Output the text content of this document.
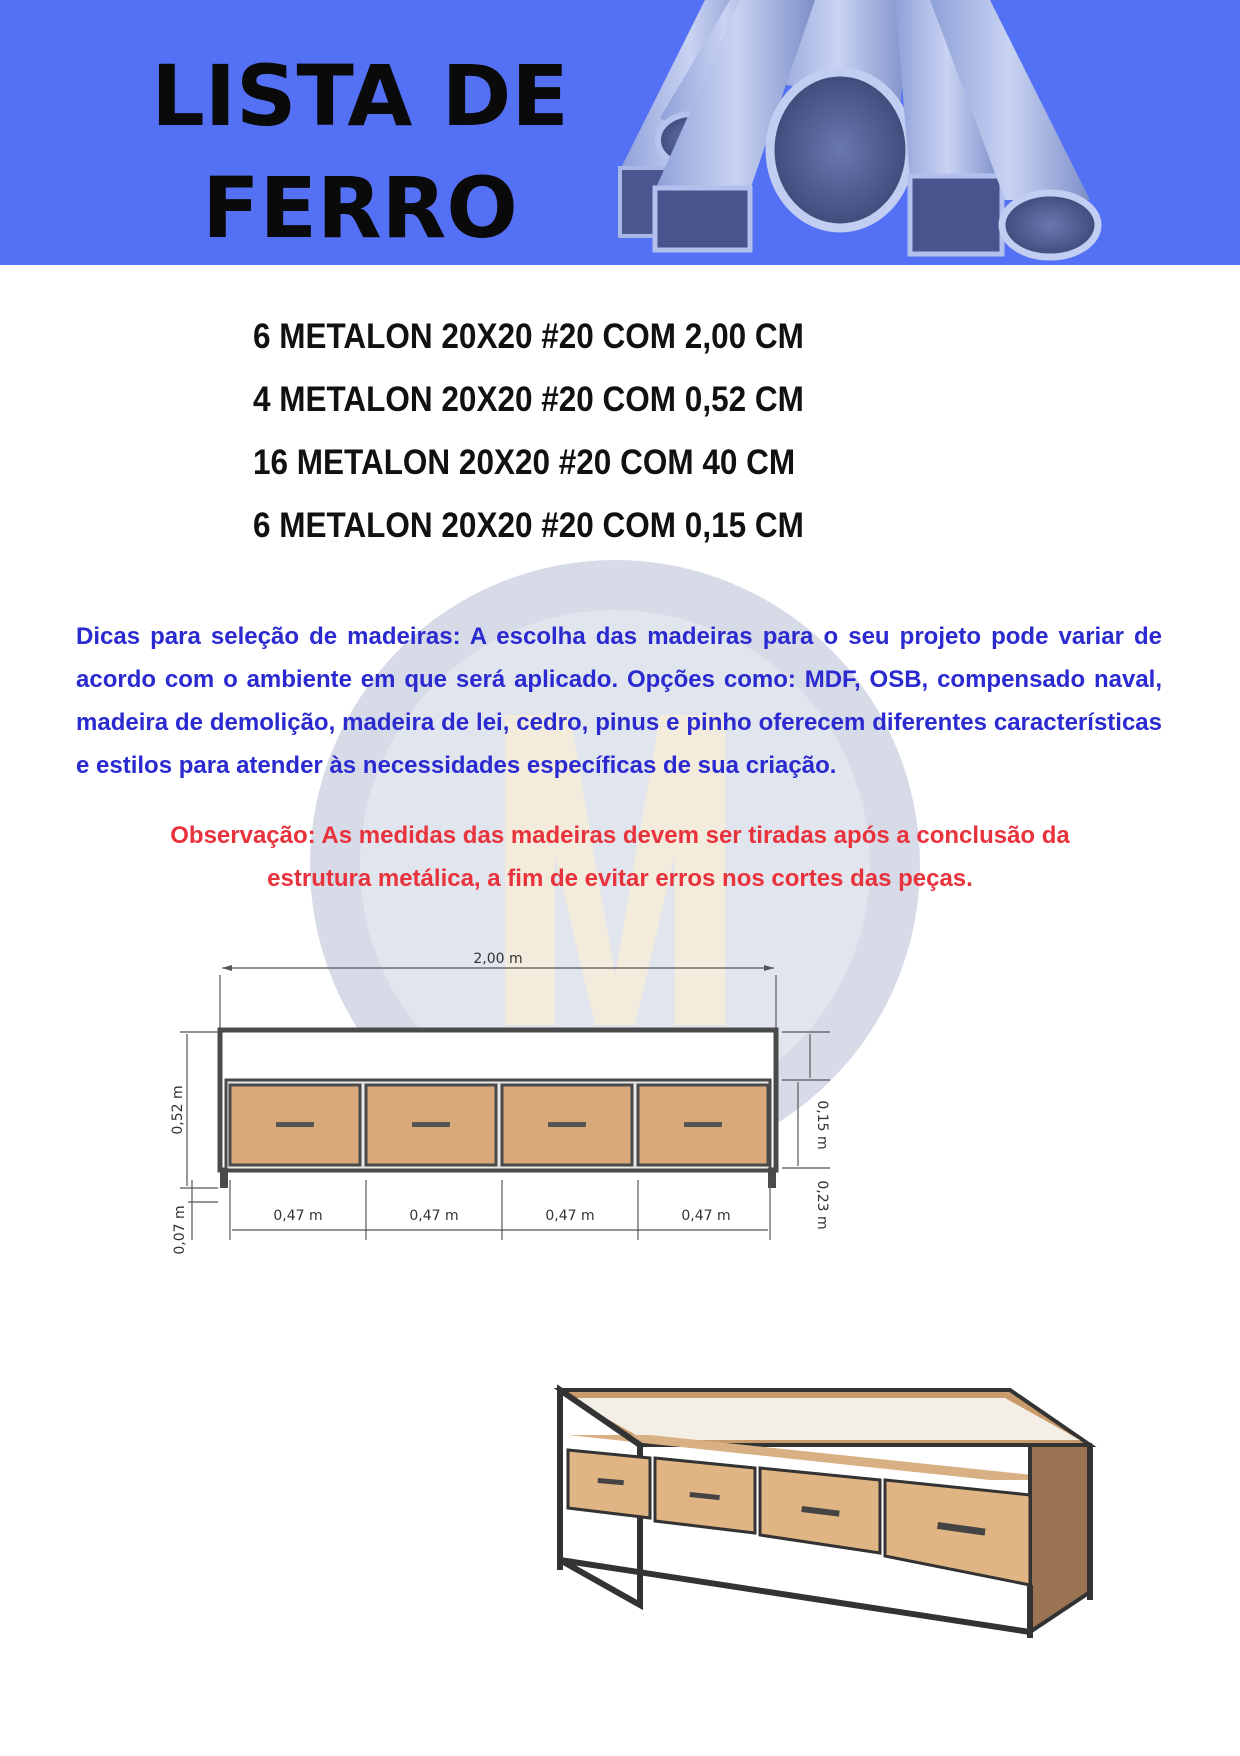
LISTA DE
FERRO
6 METALON 20X20 #20 COM 2,00 CM
4 METALON 20X20 #20 COM 0,52 CM
16 METALON 20X20 #20 COM 40 CM
6 METALON 20X20 #20 COM 0,15 CM
Dicas para seleção de madeiras: A escolha das madeiras para o seu projeto pode variar de acordo com o ambiente em que será aplicado. Opções como: MDF, OSB, compensado naval, madeira de demolição, madeira de lei, cedro, pinus e pinho oferecem diferentes características e estilos para atender às necessidades específicas de sua criação.
Observação: As medidas das madeiras devem ser tiradas após a conclusão da estrutura metálica, a fim de evitar erros nos cortes das peças.
2,00 m
0,52 m
0,07 m	0,47 m	0,47 m	0,47 m	0,47 m
0,15 m
0,23 m
